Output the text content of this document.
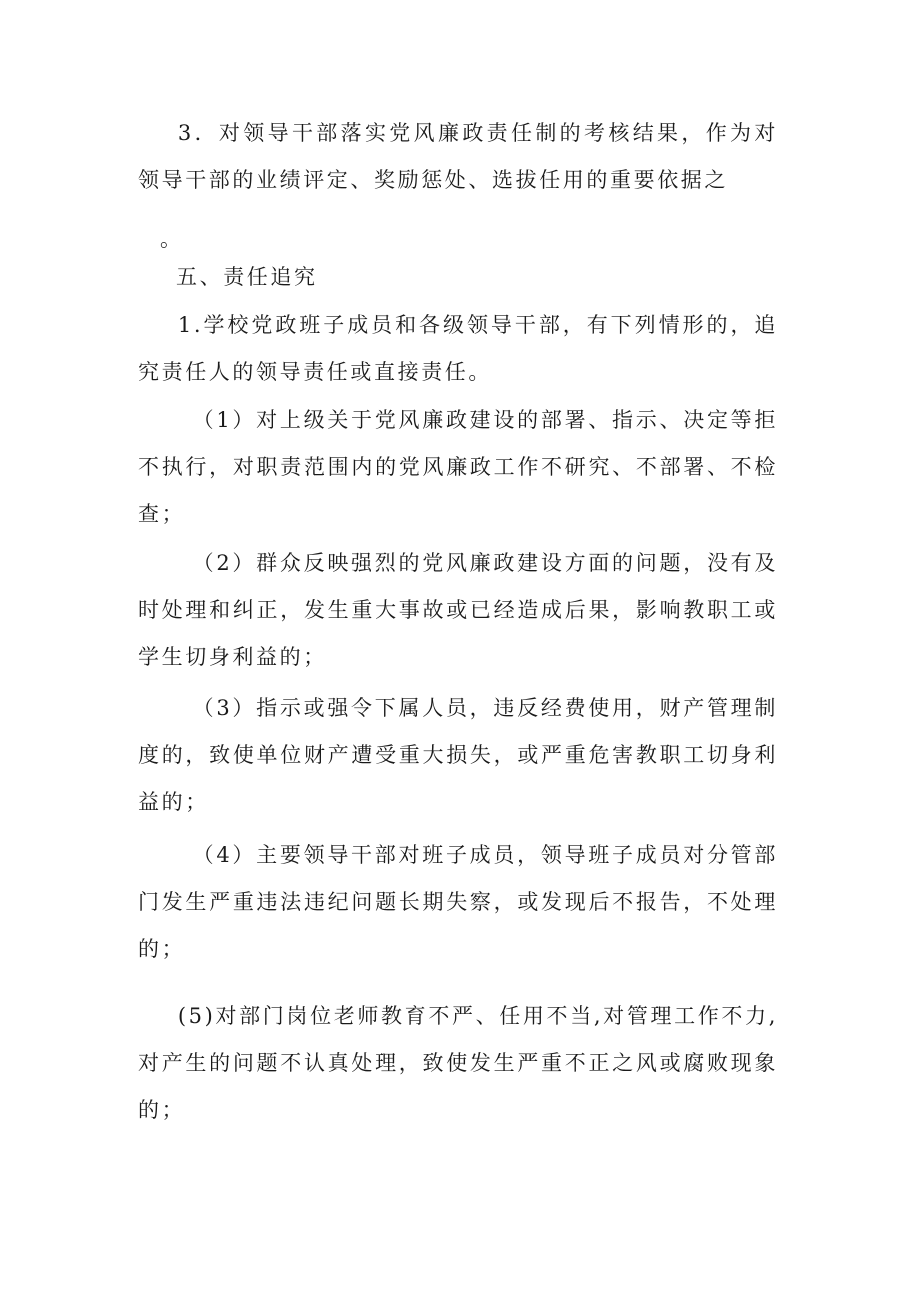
3．对领导干部落实党风廉政责任制的考核结果，作为对领导干部的业绩评定、奖励惩处、选拔任用的重要依据之

。

五、责任追究

1.学校党政班子成员和各级领导干部，有下列情形的，追究责任人的领导责任或直接责任。

（1）对上级关于党风廉政建设的部署、指示、决定等拒不执行，对职责范围内的党风廉政工作不研究、不部署、不检查；

（2）群众反映强烈的党风廉政建设方面的问题，没有及时处理和纠正，发生重大事故或已经造成后果，影响教职工或学生切身利益的；

（3）指示或强令下属人员，违反经费使用，财产管理制度的，致使单位财产遭受重大损失，或严重危害教职工切身利益的；

（4）主要领导干部对班子成员，领导班子成员对分管部门发生严重违法违纪问题长期失察，或发现后不报告，不处理的；

(5)对部门岗位老师教育不严、任用不当,对管理工作不力,对产生的问题不认真处理，致使发生严重不正之风或腐败现象的；
